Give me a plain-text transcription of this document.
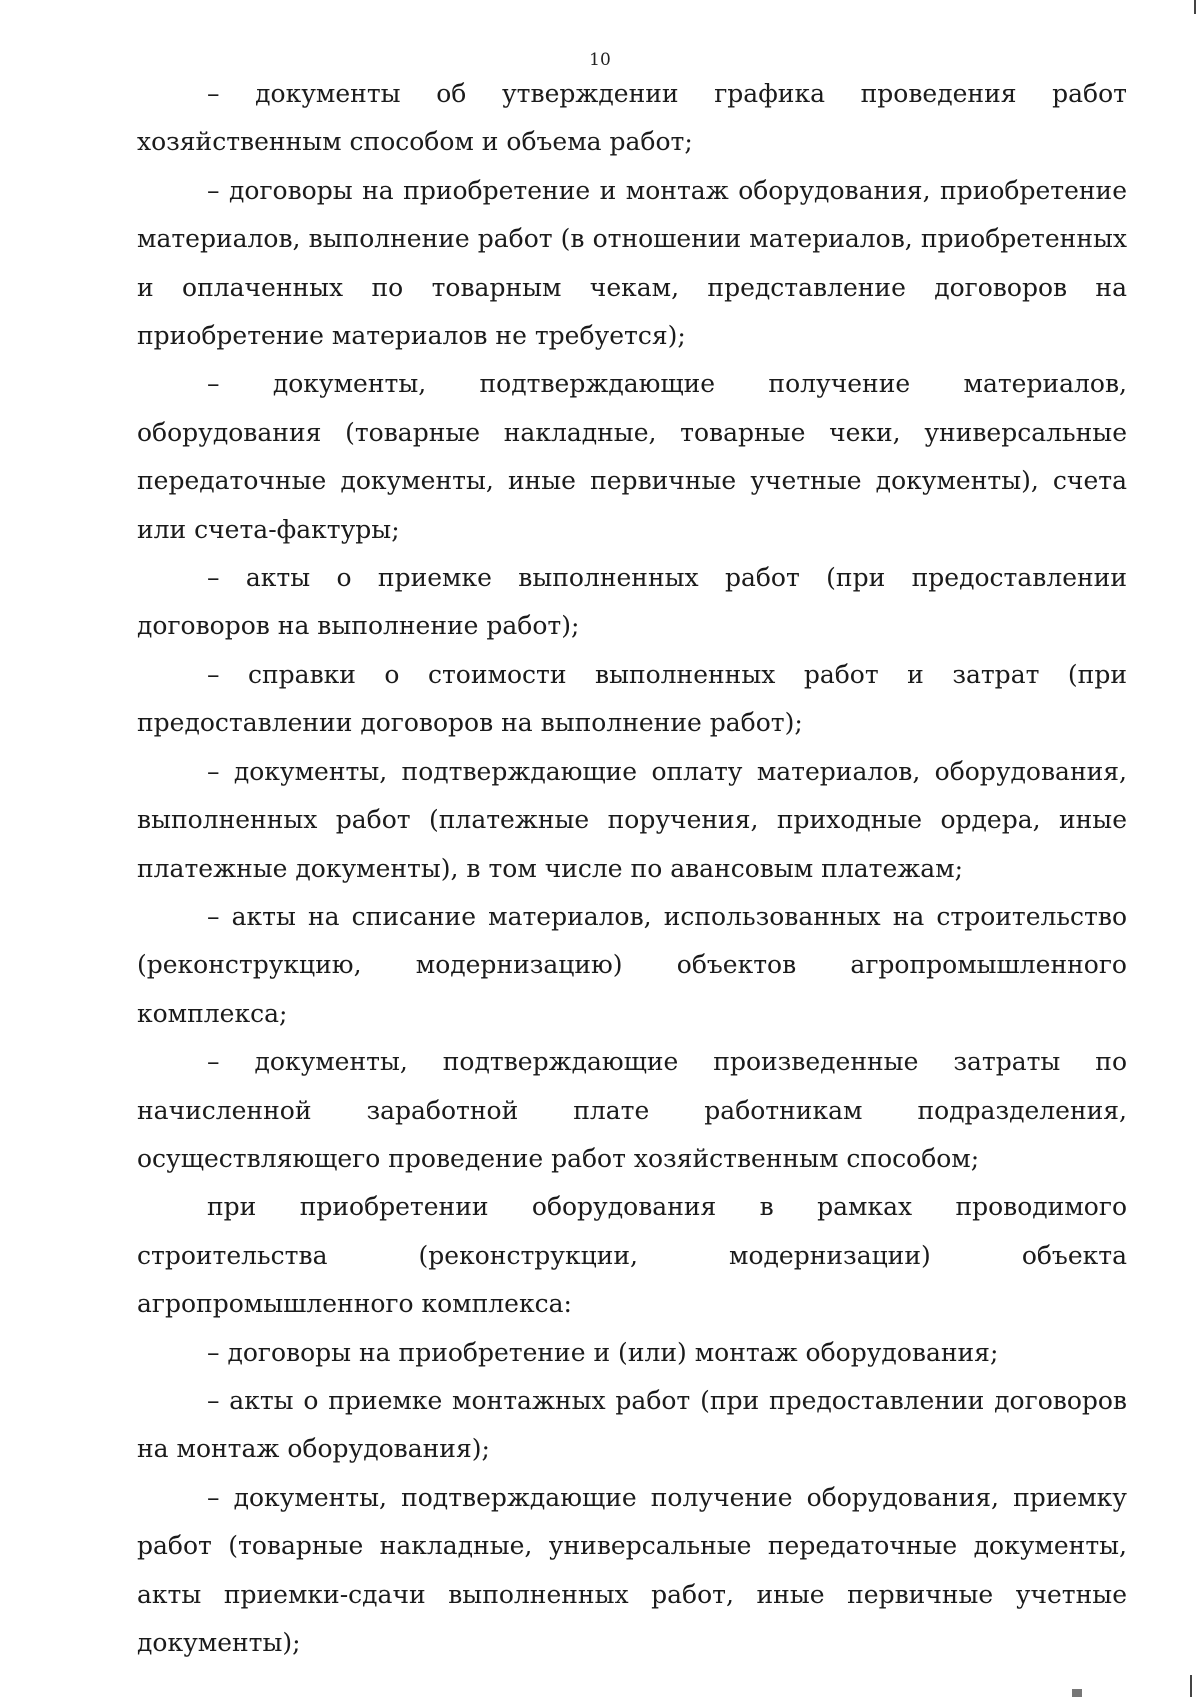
10

– документы об утверждении графика проведения работ хозяйственным способом и объема работ;

– договоры на приобретение и монтаж оборудования, приобретение материалов, выполнение работ (в отношении материалов, приобретенных и оплаченных по товарным чекам, представление договоров на приобретение материалов не требуется);

– документы, подтверждающие получение материалов, оборудования (товарные накладные, товарные чеки, универсальные передаточные документы, иные первичные учетные документы), счета или счета-фактуры;

– акты о приемке выполненных работ (при предоставлении договоров на выполнение работ);

– справки о стоимости выполненных работ и затрат (при предоставлении договоров на выполнение работ);

– документы, подтверждающие оплату материалов, оборудования, выполненных работ (платежные поручения, приходные ордера, иные платежные документы), в том числе по авансовым платежам;

– акты на списание материалов, использованных на строительство (реконструкцию, модернизацию) объектов агропромышленного комплекса;

– документы, подтверждающие произведенные затраты по начисленной заработной плате работникам подразделения, осуществляющего проведение работ хозяйственным способом;

при приобретении оборудования в рамках проводимого строительства (реконструкции, модернизации) объекта агропромышленного комплекса:

– договоры на приобретение и (или) монтаж оборудования;

– акты о приемке монтажных работ (при предоставлении договоров на монтаж оборудования);

– документы, подтверждающие получение оборудования, приемку работ (товарные накладные, универсальные передаточные документы, акты приемки-сдачи выполненных работ, иные первичные учетные документы);
